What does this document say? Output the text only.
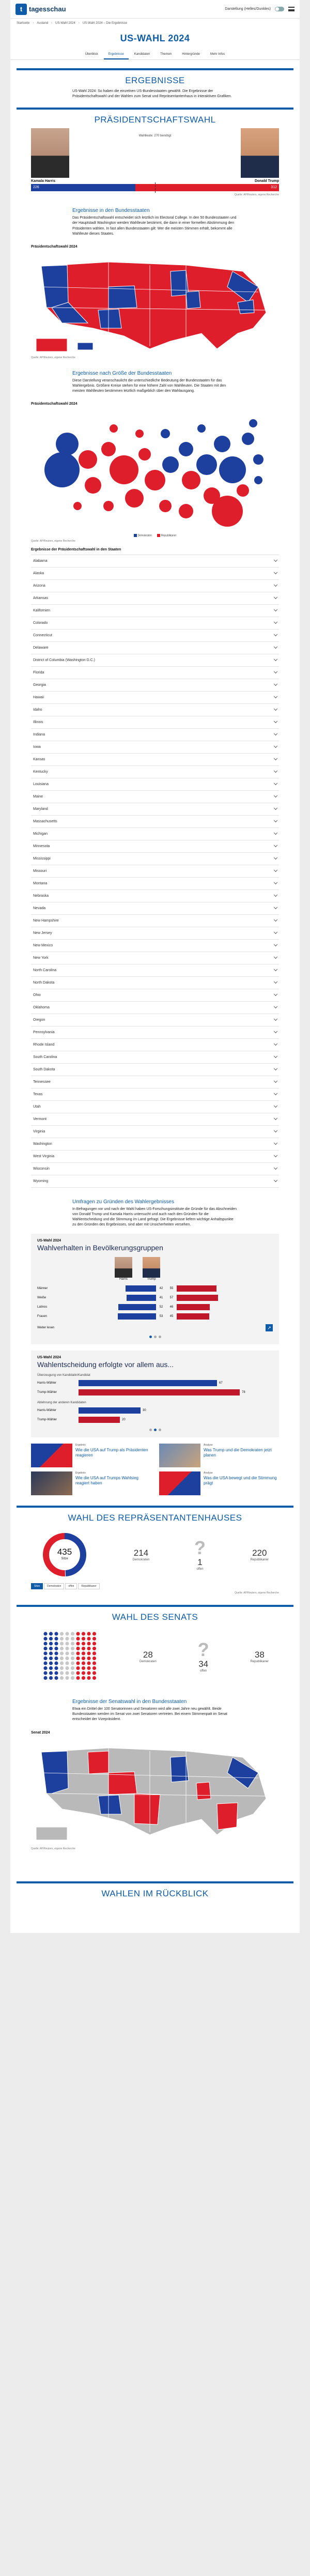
t tagesschau	Darstellung (Helles/Dunkles)
Startseite › Ausland › US-Wahl 2024 › US-Wahl 2024 – Die Ergebnisse
US-WAHL 2024
Überblick	Ergebnisse	Kandidaten	Themen	Hintergründe	Mehr Infos
ERGEBNISSE

US-Wahl 2024: So haben die einzelnen US-Bundesstaaten gewählt. Die Ergebnisse der Präsidentschaftswahl und der Wahlen zum Senat und Repräsentantenhaus in interaktiven Grafiken.

PRÄSIDENTSCHAFTSWAHL
Wahlleute: 270 benötigt
Kamala Harris	Donald Trump
226	312
Quelle: AP/Reuters, eigene Recherche
Ergebnisse in den Bundesstaaten

Das Präsidentschaftswahl entscheidet sich letztlich im Electoral College. In den 50 Bundesstaaten und der Hauptstadt Washington werden Wahlleute bestimmt, die dann in einer formellen Abstimmung den Präsidenten wählen. In fast allen Bundesstaaten gilt: Wer die meisten Stimmen erhält, bekommt alle Wahlleute dieses Staates.

Präsidentschaftswahl 2024
Quelle: AP/Reuters, eigene Recherche
Ergebnisse nach Größe der Bundesstaaten

Diese Darstellung veranschaulicht die unterschiedliche Bedeutung der Bundesstaaten für das Wahlergebnis. Größere Kreise stehen für eine höhere Zahl von Wahlleuten. Die Staaten mit den meisten Wahlleuten bestimmen letztlich maßgeblich über den Wahlausgang.

Präsidentschaftswahl 2024
Demokraten	Republikaner
Quelle: AP/Reuters, eigene Recherche
Ergebnisse der Präsidentschaftswahl in den Staaten
Alabama
Alaska
Arizona
Arkansas
Kalifornien
Colorado
Connecticut
Delaware
District of Columbia (Washington D.C.)
Florida
Georgia
Hawaii
Idaho
Illinois
Indiana
Iowa
Kansas
Kentucky
Louisiana
Maine
Maryland
Massachusetts
Michigan
Minnesota
Mississippi
Missouri
Montana
Nebraska
Nevada
New Hampshire
New Jersey
New Mexico
New York
North Carolina
North Dakota
Ohio
Oklahoma
Oregon
Pennsylvania
Rhode Island
South Carolina
South Dakota
Tennessee
Texas
Utah
Vermont
Virginia
Washington
West Virginia
Wisconsin
Wyoming
Umfragen zu Gründen des Wahlergebnisses

In Befragungen vor und nach der Wahl haben US-Forschungsinstitute die Gründe für das Abschneiden von Donald Trump und Kamala Harris untersucht und auch nach den Gründen für die Wahlentscheidung und die Stimmung im Land gefragt. Die Ergebnisse liefern wichtige Anhaltspunkte zu den Gründen des Ergebnisses, sind aber mit Unsicherheiten versehen.

US-Wahl 2024
Wahlverhalten in Bevölkerungsgruppen
Harris	Trump
Männer	42	55
Weiße	41	57
Latinos	52	46
Frauen	53	45
Weiter lesen	↗
US-Wahl 2024
Wahlentscheidung erfolgte vor allem aus...
Überzeugung von Kandidatin/Kandidat
Harris-Wähler	67
Trump-Wähler	78
Ablehnung der anderen Kandidaten
Harris-Wähler	30
Trump-Wähler	20
Ergebnis
Wie die USA auf Trump als Präsidenten reagieren
Analyse
Was Trump und die Demokraten jetzt planen
Ergebnis
Wie die USA auf Trumps Wahlsieg reagiert haben
Analyse
Was die USA bewegt und die Stimmung prägt
WAHL DES REPRÄSENTANTENHAUSES
435
Sitze
214
Demokraten
?
1
offen
220
Republikaner
Sitze	Demokraten	offen	Republikaner
Quelle: AP/Reuters, eigene Recherche
WAHL DES SENATS
28
Demokraten
?
34
offen
38
Republikaner
Ergebnisse der Senatswahl in den Bundesstaaten

Etwa ein Drittel der 100 Senatorinnen und Senatoren wird alle zwei Jahre neu gewählt. Beide Bundesstaaten werden im Senat von zwei Senatoren vertreten. Bei einem Stimmenpatt im Senat entscheidet der Vizepräsident.

Senat 2024
Quelle: AP/Reuters, eigene Recherche
WAHLEN IM RÜCKBLICK
